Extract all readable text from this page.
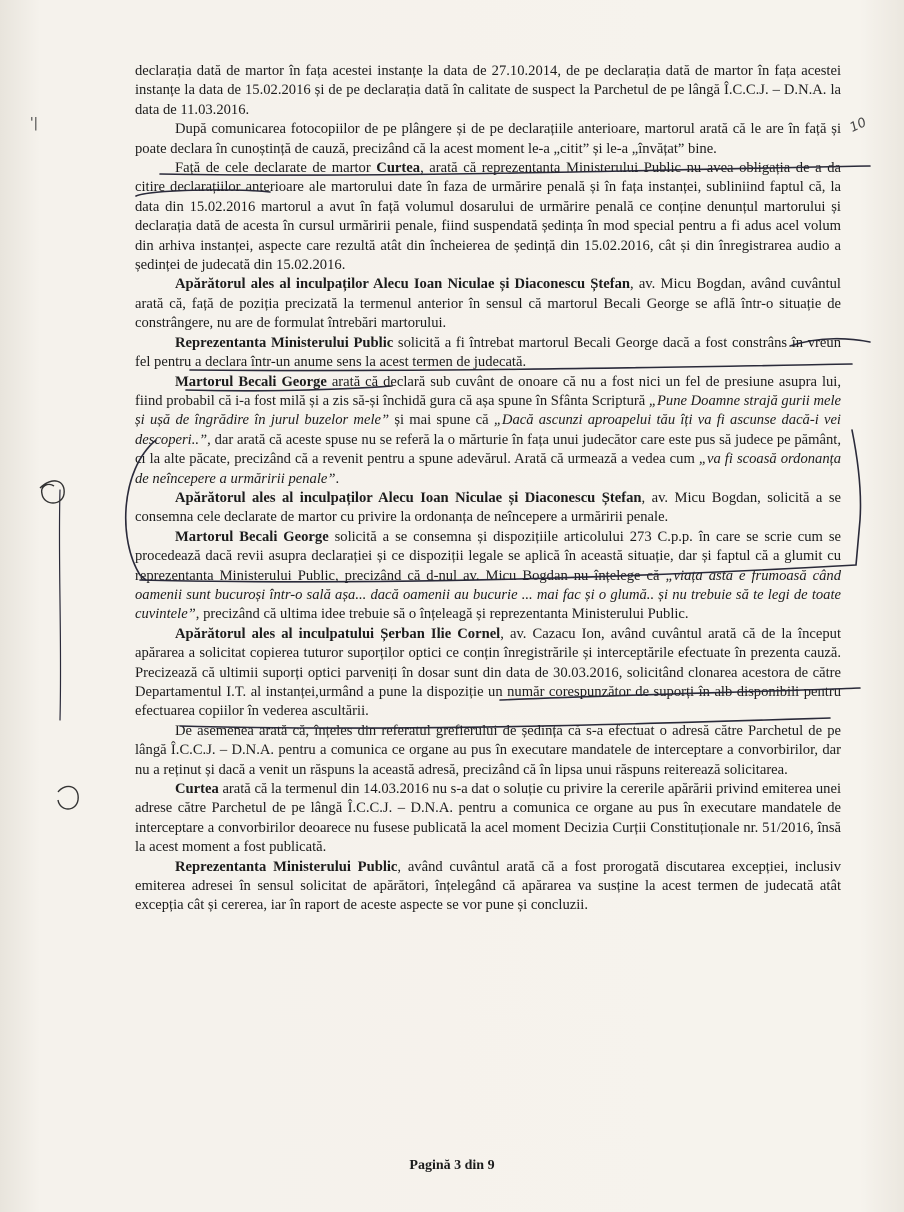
declarația dată de martor în fața acestei instanțe la data de 27.10.2014, de pe declarația dată de martor în fața acestei instanțe la data de 15.02.2016 și de pe declarația dată în calitate de suspect la Parchetul de pe lângă Î.C.C.J. – D.N.A. la data de 11.03.2016.

După comunicarea fotocopiilor de pe plângere și de pe declarațiile anterioare, martorul arată că le are în față și poate declara în cunoștință de cauză, precizând că la acest moment le-a „citit” și le-a „învățat” bine.

Față de cele declarate de martor Curtea, arată că reprezentanta Ministerului Public nu avea obligația de a da citire declarațiilor anterioare ale martorului date în faza de urmărire penală și în fața instanței, subliniind faptul că, la data din 15.02.2016 martorul a avut în față volumul dosarului de urmărire penală ce conține denunțul martorului și declarația dată de acesta în cursul urmăririi penale, fiind suspendată ședința în mod special pentru a fi adus acel volum din arhiva instanței, aspecte care rezultă atât din încheierea de ședință din 15.02.2016, cât și din înregistrarea audio a ședinței de judecată din 15.02.2016.

Apărătorul ales al inculpaților Alecu Ioan Niculae și Diaconescu Ștefan, av. Micu Bogdan, având cuvântul arată că, față de poziția precizată la termenul anterior în sensul că martorul Becali George se află într-o situație de constrângere, nu are de formulat întrebări martorului.

Reprezentanta Ministerului Public solicită a fi întrebat martorul Becali George dacă a fost constrâns în vreun fel pentru a declara într-un anume sens la acest termen de judecată.

Martorul Becali George arată că declară sub cuvânt de onoare că nu a fost nici un fel de presiune asupra lui, fiind probabil că i-a fost milă și a zis să-și închidă gura că așa spune în Sfânta Scriptură „Pune Doamne strajă gurii mele și ușă de îngrădire în jurul buzelor mele” și mai spune că „Dacă ascunzi aproapelui tău îți va fi ascunse dacă-i vei descoperi..”, dar arată că aceste spuse nu se referă la o mărturie în fața unui judecător care este pus să judece pe pământ, ci la alte păcate, precizând că a revenit pentru a spune adevărul. Arată că urmează a vedea cum „va fi scoasă ordonanța de neîncepere a urmăririi penale”.

Apărătorul ales al inculpaților Alecu Ioan Niculae și Diaconescu Ștefan, av. Micu Bogdan, solicită a se consemna cele declarate de martor cu privire la ordonanța de neîncepere a urmăririi penale.

Martorul Becali George solicită a se consemna și dispozițiile articolului 273 C.p.p. în care se scrie cum se procedează dacă revii asupra declarației și ce dispoziții legale se aplică în această situație, dar și faptul că a glumit cu reprezentanta Ministerului Public, precizând că d-nul av. Micu Bogdan nu înțelege că „viața asta e frumoasă când oamenii sunt bucuroși într-o sală așa... dacă oamenii au bucurie ... mai fac și o glumă.. și nu trebuie să te legi de toate cuvintele”, precizând că ultima idee trebuie să o înțeleagă și reprezentanta Ministerului Public.

Apărătorul ales al inculpatului Șerban Ilie Cornel, av. Cazacu Ion, având cuvântul arată că de la început apărarea a solicitat copierea tuturor suporților optici ce conțin înregistrările și interceptările efectuate în prezenta cauză. Precizează că ultimii suporți optici parveniți în dosar sunt din data de 30.03.2016, solicitând clonarea acestora de către Departamentul I.T. al instanței,urmând a pune la dispoziție un număr corespunzător de suporți în alb disponibili pentru efectuarea copiilor în vederea ascultării.

De asemenea arată că, înțeles din referatul grefierului de ședință că s-a efectuat o adresă către Parchetul de pe lângă Î.C.C.J. – D.N.A. pentru a comunica ce organe au pus în executare mandatele de interceptare a convorbirilor, dar nu a reținut și dacă a venit un răspuns la această adresă, precizând că în lipsa unui răspuns reiterează solicitarea.

Curtea arată că la termenul din 14.03.2016 nu s-a dat o soluție cu privire la cererile apărării privind emiterea unei adrese către Parchetul de pe lângă Î.C.C.J. – D.N.A. pentru a comunica ce organe au pus în executare mandatele de interceptare a convorbirilor deoarece nu fusese publicată la acel moment Decizia Curții Constituționale nr. 51/2016, însă la acest moment a fost publicată.

Reprezentanta Ministerului Public, având cuvântul arată că a fost prorogată discutarea excepției, inclusiv emiterea adresei în sensul solicitat de apărători, înțelegând că apărarea va susține la acest termen de judecată atât excepția cât și cererea, iar în raport de aceste aspecte se vor pune și concluzii.

'|	10
Pagină 3 din 9
